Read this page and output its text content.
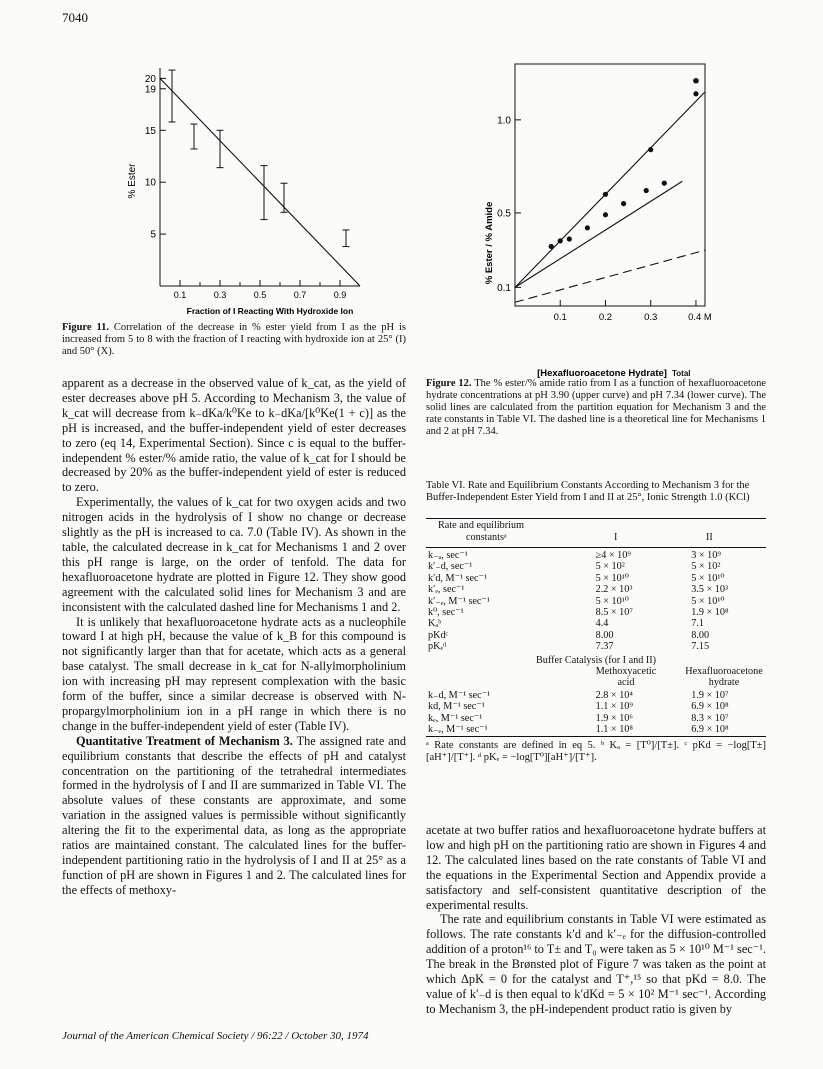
7040
20
19
15
10
5
0.1	0.3	0.5	0.7	0.9
% Ester
Fraction of I Reacting With Hydroxide Ion
Figure 11. Correlation of the decrease in % ester yield from I as the pH is increased from 5 to 8 with the fraction of I reacting with hydroxide ion at 25° (I) and 50° (X).
1.0
0.5
0.1
0.1	0.2	0.3	0.4 M
% Ester / % Amide
[Hexafluoroacetone Hydrate] Total
Figure 12. The % ester/% amide ratio from I as a function of hexafluoroacetone hydrate concentrations at pH 3.90 (upper curve) and pH 7.34 (lower curve). The solid lines are calculated from the partition equation for Mechanism 3 and the rate constants in Table VI. The dashed line is a theoretical line for Mechanisms 1 and 2 at pH 7.34.

apparent as a decrease in the observed value of k_cat, as the yield of ester decreases above pH 5. According to Mechanism 3, the value of k_cat will decrease from k₋dKa/k⁰Ke to k₋dKa/[k⁰Ke(1 + c)] as the pH is increased, and the buffer-independent yield of ester decreases to zero (eq 14, Experimental Section). Since c is equal to the buffer-independent % ester/% amide ratio, the value of k_cat for I should be decreased by 20% as the buffer-independent yield of ester is reduced to zero.

Experimentally, the values of k_cat for two oxygen acids and two nitrogen acids in the hydrolysis of I show no change or decrease slightly as the pH is increased to ca. 7.0 (Table IV). As shown in the table, the calculated decrease in k_cat for Mechanisms 1 and 2 over this pH range is large, on the order of tenfold. The data for hexafluoroacetone hydrate are plotted in Figure 12. They show good agreement with the calculated solid lines for Mechanism 3 and are inconsistent with the calculated dashed line for Mechanisms 1 and 2.

It is unlikely that hexafluoroacetone hydrate acts as a nucleophile toward I at high pH, because the value of k_B for this compound is not significantly larger than that for acetate, which acts as a general base catalyst. The small decrease in k_cat for N-allylmorpholinium ion with increasing pH may represent complexation with the basic form of the buffer, since a similar decrease is observed with N-propargylmorpholinium ion in a pH range in which there is no change in the buffer-independent yield of ester (Table IV).

Quantitative Treatment of Mechanism 3. The assigned rate and equilibrium constants that describe the effects of pH and catalyst concentration on the partitioning of the tetrahedral intermediates formed in the hydrolysis of I and II are summarized in Table VI. The absolute values of these constants are approximate, and some variation in the assigned values is permissible without significantly altering the fit to the experimental data, as long as the appropriate ratios are maintained constant. The calculated lines for the buffer-independent partitioning ratio in the hydrolysis of I and II at 25° as a function of pH are shown in Figures 1 and 2. The calculated lines for the effects of methoxy-

Table VI. Rate and Equilibrium Constants According to Mechanism 3 for the Buffer-Independent Ester Yield from I and II at 25°, Ionic Strength 1.0 (KCl)
Rate and equilibrium
constantsᵃ	I	II
k₋ₐ, sec⁻¹	≥4 × 10⁹	3 × 10⁹
k′₋d, sec⁻¹	5 × 10²	5 × 10²
k′d, M⁻¹ sec⁻¹	5 × 10¹⁰	5 × 10¹⁰
k′ₑ, sec⁻¹	2.2 × 10³	3.5 × 10³
k′₋ₑ, M⁻¹ sec⁻¹	5 × 10¹⁰	5 × 10¹⁰
k⁰, sec⁻¹	8.5 × 10⁷	1.9 × 10⁸
Kₐᵇ	4.4	7.1
pKdᶜ	8.00	8.00
pKₑᵈ	7.37	7.15
Buffer Catalysis (for I and II)
Methoxyacetic
acid
Hexafluoroacetone
hydrate
k₋d, M⁻¹ sec⁻¹	2.8 × 10⁴	1.9 × 10⁷
kd, M⁻¹ sec⁻¹	1.1 × 10⁹	6.9 × 10⁸
kₑ, M⁻¹ sec⁻¹	1.9 × 10⁶	8.3 × 10⁷
k₋ₑ, M⁻¹ sec⁻¹	1.1 × 10⁸	6.9 × 10⁸
ᵃ Rate constants are defined in eq 5. ᵇ Kₐ = [T⁰]/[T±]. ᶜ pKd = −log[T±][aH⁺]/[T⁺]. ᵈ pKₑ = −log[T⁰][aH⁺]/[T⁺].

acetate at two buffer ratios and hexafluoroacetone hydrate buffers at low and high pH on the partitioning ratio are shown in Figures 4 and 12. The calculated lines based on the rate constants of Table VI and the equations in the Experimental Section and Appendix provide a satisfactory and self-consistent quantitative description of the experimental results.

The rate and equilibrium constants in Table VI were estimated as follows. The rate constants k′d and k′₋ₑ for the diffusion-controlled addition of a proton¹⁶ to T± and T₀ were taken as 5 × 10¹⁰ M⁻¹ sec⁻¹. The break in the Brønsted plot of Figure 7 was taken as the point at which ΔpK = 0 for the catalyst and T⁺,¹⁵ so that pKd = 8.0. The value of k′₋d is then equal to k′dKd = 5 × 10² M⁻¹ sec⁻¹. According to Mechanism 3, the pH-independent product ratio is given by

Journal of the American Chemical Society / 96:22 / October 30, 1974
